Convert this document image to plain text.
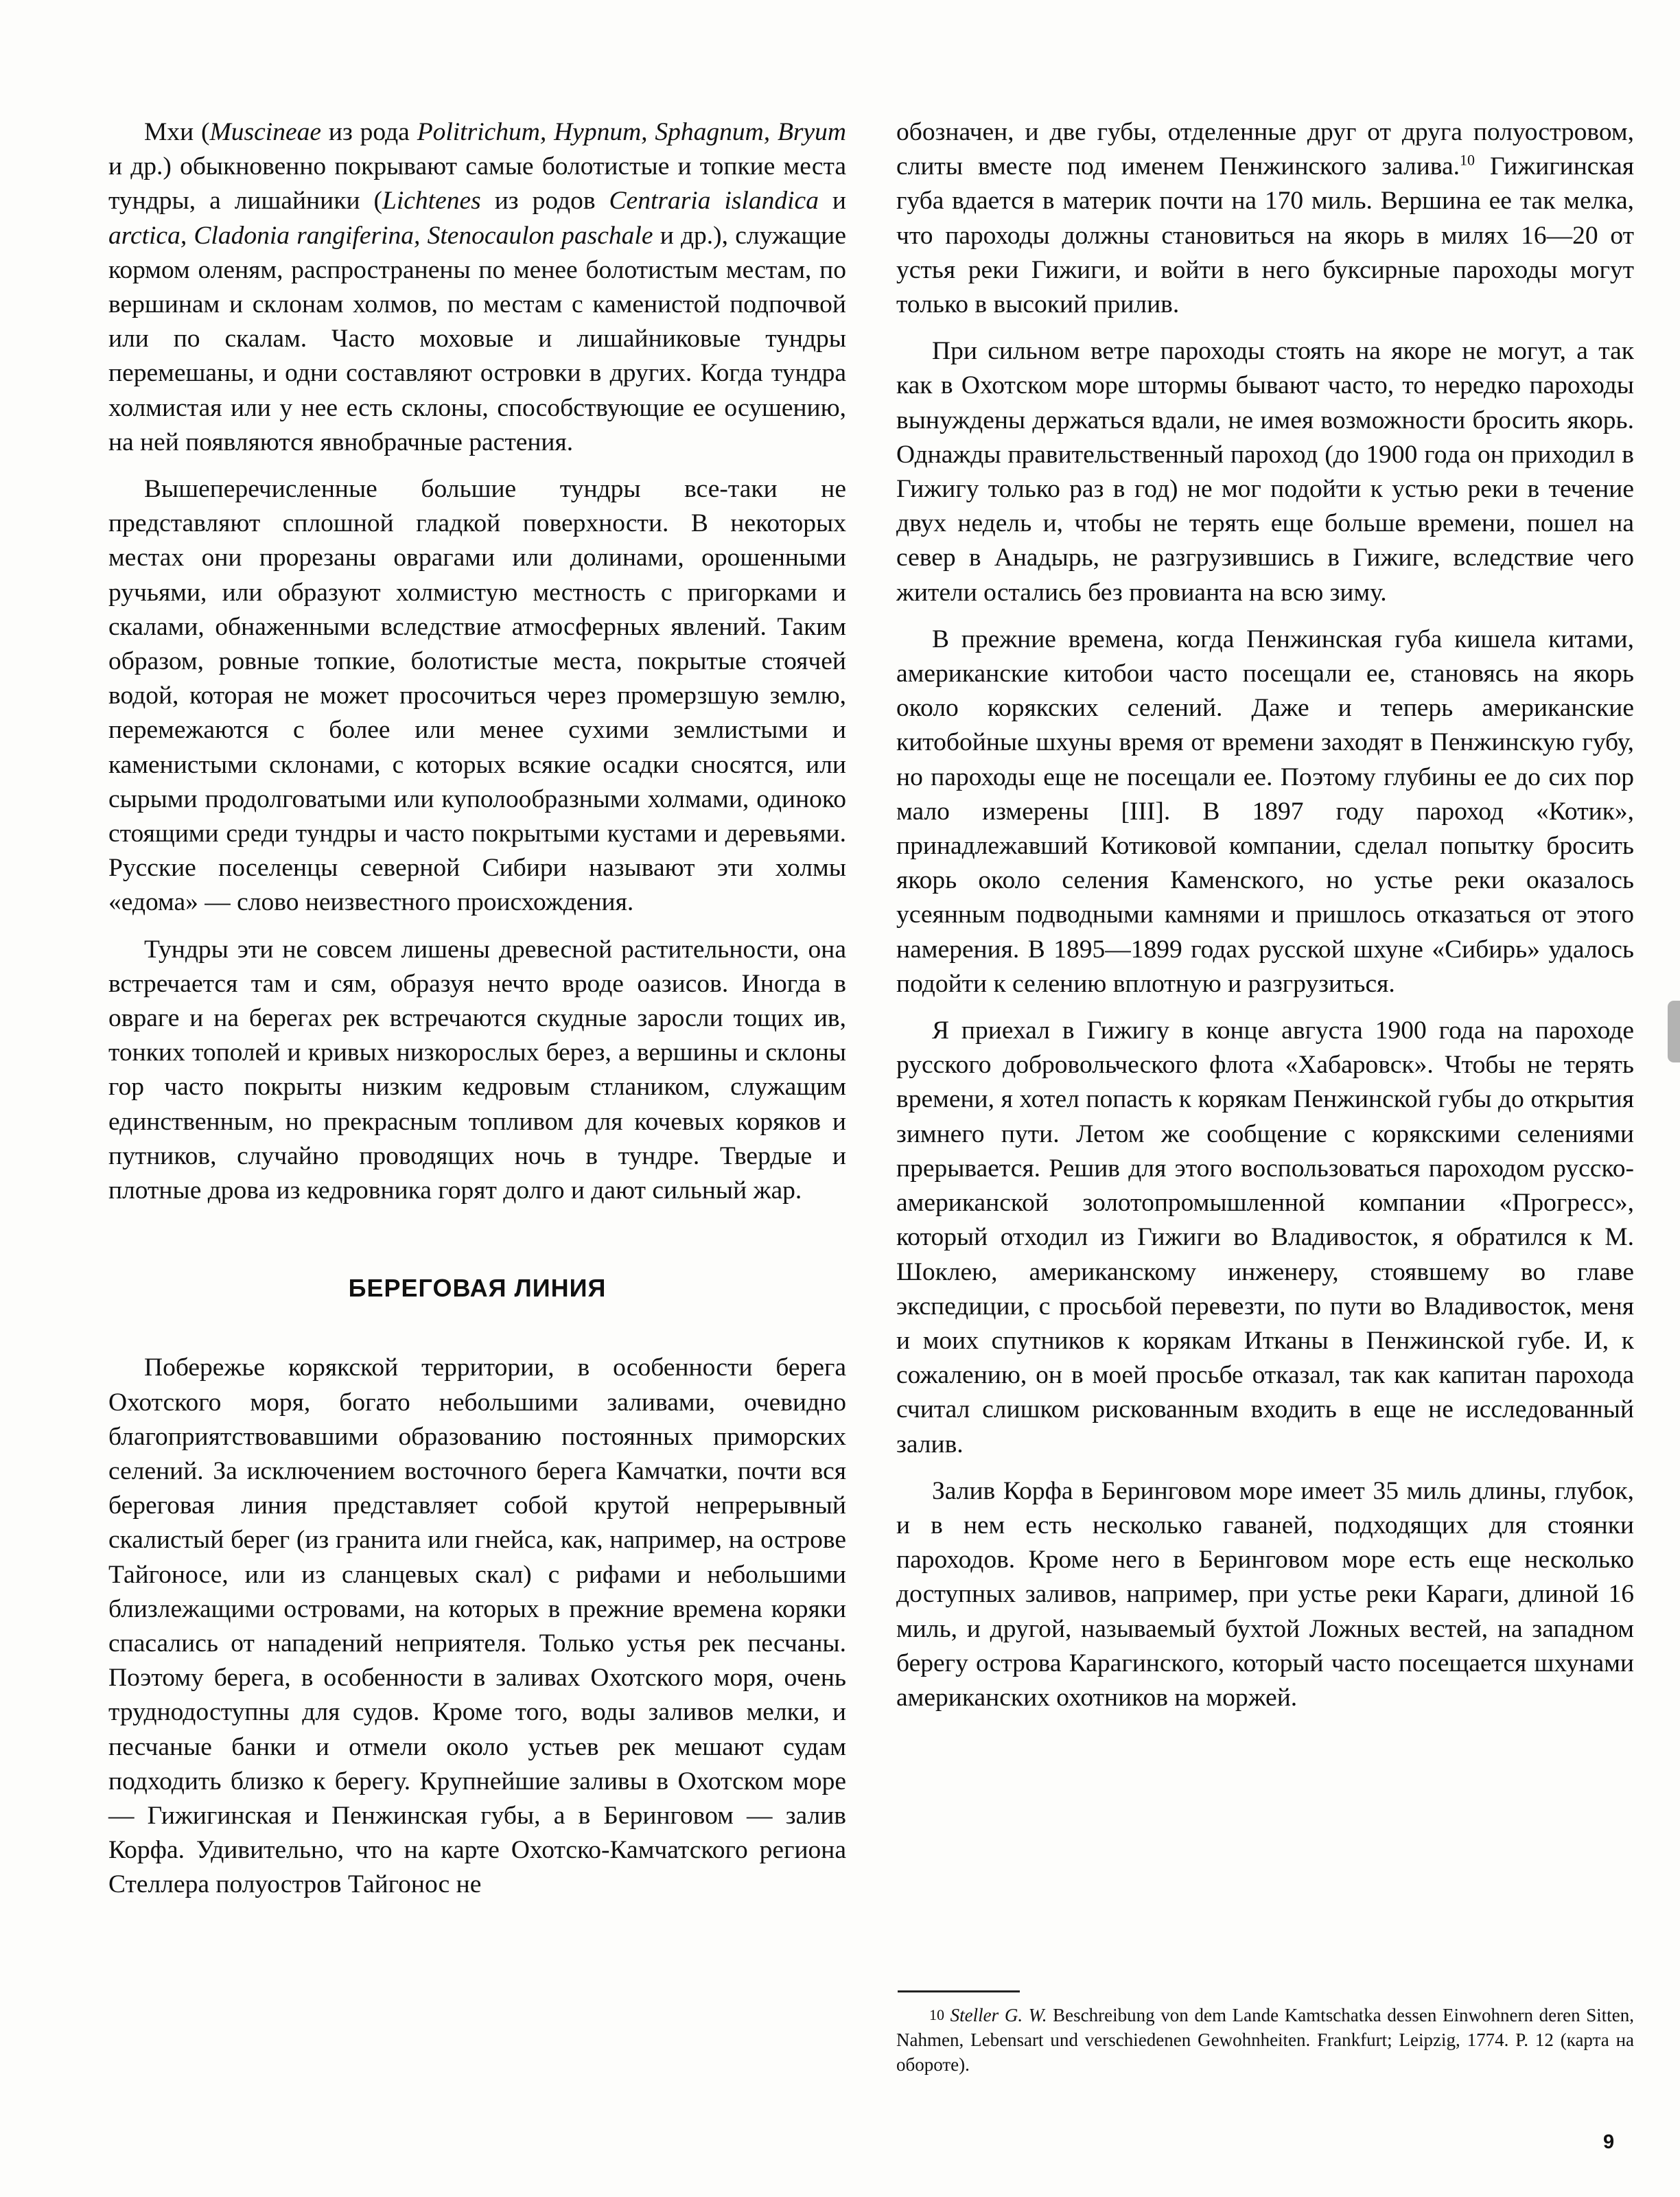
Мхи (Muscineae из рода Politrichum, Hypnum, Sphagnum, Bryum и др.) обыкновенно покрывают самые болотистые и топкие места тундры, а лишайники (Lichtenes из родов Centraria islandica и arctica, Cladonia rangiferina, Stenocaulon paschale и др.), служащие кормом оленям, распространены по менее болотистым местам, по вершинам и склонам холмов, по местам с каменистой подпочвой или по скалам. Часто моховые и лишайниковые тундры перемешаны, и одни составляют островки в других. Когда тундра холмистая или у нее есть склоны, способствующие ее осушению, на ней появляются явнобрачные растения.

Вышеперечисленные большие тундры все-таки не представляют сплошной гладкой поверхности. В некоторых местах они прорезаны оврагами или долинами, орошенными ручьями, или образуют холмистую местность с пригорками и скалами, обнаженными вследствие атмосферных явлений. Таким образом, ровные топкие, болотистые места, покрытые стоячей водой, которая не может просочиться через промерзшую землю, перемежаются с более или менее сухими землистыми и каменистыми склонами, с которых всякие осадки сносятся, или сырыми продолговатыми или куполообразными холмами, одиноко стоящими среди тундры и часто покрытыми кустами и деревьями. Русские поселенцы северной Сибири называют эти холмы «едома» — слово неизвестного происхождения.

Тундры эти не совсем лишены древесной растительности, она встречается там и сям, образуя нечто вроде оазисов. Иногда в овраге и на берегах рек встречаются скудные заросли тощих ив, тонких тополей и кривых низкорослых берез, а вершины и склоны гор часто покрыты низким кедровым стлаником, служащим единственным, но прекрасным топливом для кочевых коряков и путников, случайно проводящих ночь в тундре. Твердые и плотные дрова из кедровника горят долго и дают сильный жар.

БЕРЕГОВАЯ ЛИНИЯ

Побережье корякской территории, в особенности берега Охотского моря, богато небольшими заливами, очевидно благоприятствовавшими образованию постоянных приморских селений. За исключением восточного берега Камчатки, почти вся береговая линия представляет собой крутой непрерывный скалистый берег (из гранита или гнейса, как, например, на острове Тайгоносе, или из сланцевых скал) с рифами и небольшими близлежащими островами, на которых в прежние времена коряки спасались от нападений неприятеля. Только устья рек песчаны. Поэтому берега, в особенности в заливах Охотского моря, очень труднодоступны для судов. Кроме того, воды заливов мелки, и песчаные банки и отмели около устьев рек мешают судам подходить близко к берегу. Крупнейшие заливы в Охотском море — Гижигинская и Пенжинская губы, а в Беринговом — залив Корфа. Удивительно, что на карте Охотско-Камчатского региона Стеллера полуостров Тайгонос не

обозначен, и две губы, отделенные друг от друга полуостровом, слиты вместе под именем Пенжинского залива.$^{10}$ Гижигинская губа вдается в материк почти на 170 миль. Вершина ее так мелка, что пароходы должны становиться на якорь в милях 16—20 от устья реки Гижиги, и войти в него буксирные пароходы могут только в высокий прилив.

При сильном ветре пароходы стоять на якоре не могут, а так как в Охотском море штормы бывают часто, то нередко пароходы вынуждены держаться вдали, не имея возможности бросить якорь. Однажды правительственный пароход (до 1900 года он приходил в Гижигу только раз в год) не мог подойти к устью реки в течение двух недель и, чтобы не терять еще больше времени, пошел на север в Анадырь, не разгрузившись в Гижиге, вследствие чего жители остались без провианта на всю зиму.

В прежние времена, когда Пенжинская губа кишела китами, американские китобои часто посещали ее, становясь на якорь около корякских селений. Даже и теперь американские китобойные шхуны время от времени заходят в Пенжинскую губу, но пароходы еще не посещали ее. Поэтому глубины ее до сих пор мало измерены [III]. В 1897 году пароход «Котик», принадлежавший Котиковой компании, сделал попытку бросить якорь около селения Каменского, но устье реки оказалось усеянным подводными камнями и пришлось отказаться от этого намерения. В 1895—1899 годах русской шхуне «Сибирь» удалось подойти к селению вплотную и разгрузиться.

Я приехал в Гижигу в конце августа 1900 года на пароходе русского добровольческого флота «Хабаровск». Чтобы не терять времени, я хотел попасть к корякам Пенжинской губы до открытия зимнего пути. Летом же сообщение с корякскими селениями прерывается. Решив для этого воспользоваться пароходом русско-американской золотопромышленной компании «Прогресс», который отходил из Гижиги во Владивосток, я обратился к М. Шоклею, американскому инженеру, стоявшему во главе экспедиции, с просьбой перевезти, по пути во Владивосток, меня и моих спутников к корякам Итканы в Пенжинской губе. И, к сожалению, он в моей просьбе отказал, так как капитан парохода считал слишком рискованным входить в еще не исследованный залив.

Залив Корфа в Беринговом море имеет 35 миль длины, глубок, и в нем есть несколько гаваней, подходящих для стоянки пароходов. Кроме него в Беринговом море есть еще несколько доступных заливов, например, при устье реки Караги, длиной 16 миль, и другой, называемый бухтой Ложных вестей, на западном берегу острова Карагинского, который часто посещается шхунами американских охотников на моржей.

$^{10}$ Steller G. W. Beschreibung von dem Lande Kamtschatka dessen Einwohnern deren Sitten, Nahmen, Lebensart und verschiedenen Gewohnheiten. Frankfurt; Leipzig, 1774. P. 12 (карта на обороте).

9
